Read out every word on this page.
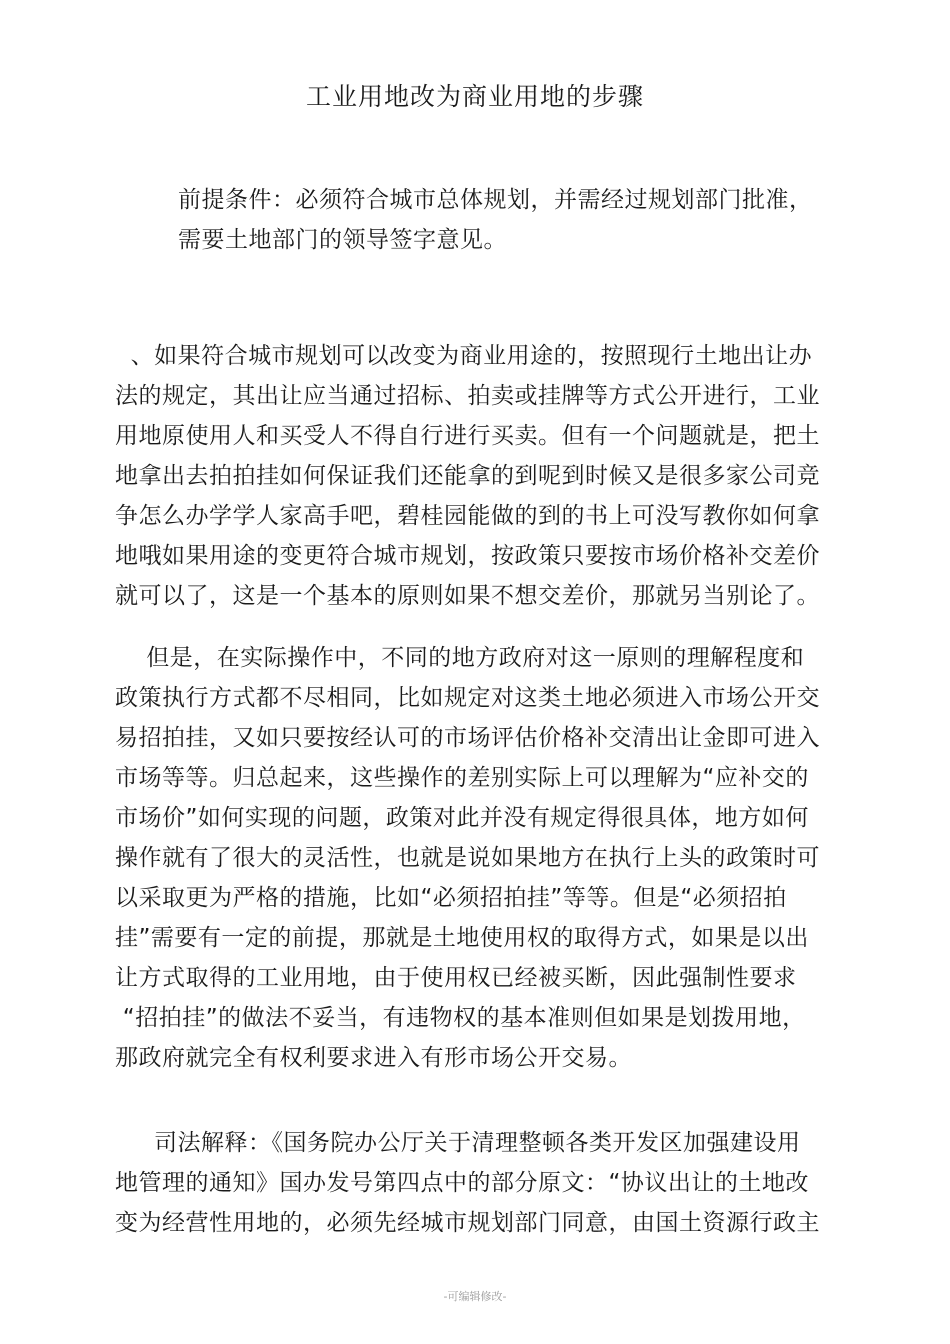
工业用地改为商业用地的步骤
前提条件：必须符合城市总体规划，并需经过规划部门批准，
需要土地部门的领导签字意见。
、如果符合城市规划可以改变为商业用途的，按照现行土地出让办
法的规定，其出让应当通过招标、拍卖或挂牌等方式公开进行，工业
用地原使用人和买受人不得自行进行买卖。但有一个问题就是，把土
地拿出去拍拍挂如何保证我们还能拿的到呢到时候又是很多家公司竞
争怎么办学学人家高手吧，碧桂园能做的到的书上可没写教你如何拿
地哦如果用途的变更符合城市规划，按政策只要按市场价格补交差价
就可以了，这是一个基本的原则如果不想交差价，那就另当别论了。
但是，在实际操作中，不同的地方政府对这一原则的理解程度和
政策执行方式都不尽相同，比如规定对这类土地必须进入市场公开交
易招拍挂，又如只要按经认可的市场评估价格补交清出让金即可进入
市场等等。归总起来，这些操作的差别实际上可以理解为“应补交的
市场价”如何实现的问题，政策对此并没有规定得很具体，地方如何
操作就有了很大的灵活性，也就是说如果地方在执行上头的政策时可
以采取更为严格的措施，比如“必须招拍挂”等等。但是“必须招拍
挂”需要有一定的前提，那就是土地使用权的取得方式，如果是以出
让方式取得的工业用地，由于使用权已经被买断，因此强制性要求
“招拍挂”的做法不妥当，有违物权的基本准则但如果是划拨用地，
那政府就完全有权利要求进入有形市场公开交易。
司法解释：《国务院办公厅关于清理整顿各类开发区加强建设用
地管理的通知》国办发号第四点中的部分原文：“协议出让的土地改
变为经营性用地的，必须先经城市规划部门同意，由国土资源行政主
-可编辑修改-
